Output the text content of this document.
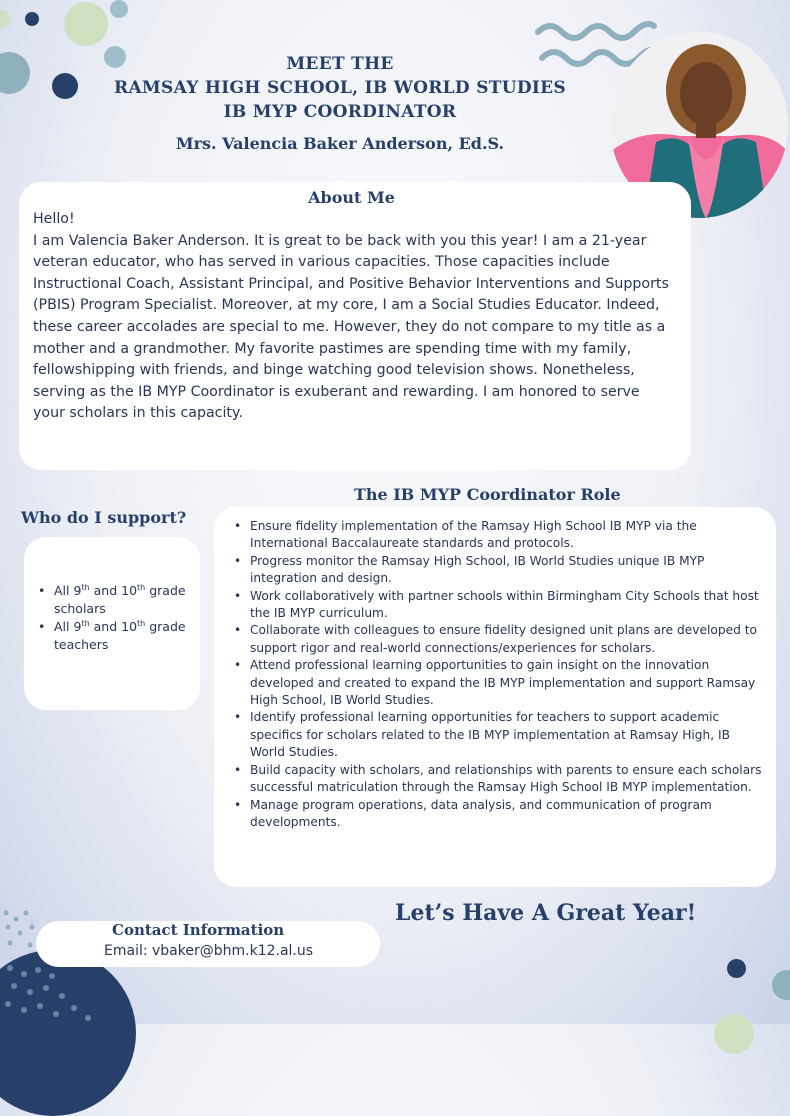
MEET THE
RAMSAY HIGH SCHOOL, IB WORLD STUDIES
IB MYP COORDINATOR
Mrs. Valencia Baker Anderson, Ed.S.
About Me
Hello!
I am Valencia Baker Anderson. It is great to be back with you this year! I am a 21-year veteran educator, who has served in various capacities. Those capacities include Instructional Coach, Assistant Principal, and Positive Behavior Interventions and Supports (PBIS) Program Specialist. Moreover, at my core, I am a Social Studies Educator. Indeed, these career accolades are special to me. However, they do not compare to my title as a mother and a grandmother. My favorite pastimes are spending time with my family, fellowshipping with friends, and binge watching good television shows. Nonetheless, serving as the IB MYP Coordinator is exuberant and rewarding. I am honored to serve your scholars in this capacity.
Who do I support?
• All 9th and 10th grade scholars
• All 9th and 10th grade teachers
The IB MYP Coordinator Role
• Ensure fidelity implementation of the Ramsay High School IB MYP via the International Baccalaureate standards and protocols.
• Progress monitor the Ramsay High School, IB World Studies unique IB MYP integration and design.
• Work collaboratively with partner schools within Birmingham City Schools that host the IB MYP curriculum.
• Collaborate with colleagues to ensure fidelity designed unit plans are developed to support rigor and real-world connections/experiences for scholars.
• Attend professional learning opportunities to gain insight on the innovation developed and created to expand the IB MYP implementation and support Ramsay High School, IB World Studies.
• Identify professional learning opportunities for teachers to support academic specifics for scholars related to the IB MYP implementation at Ramsay High, IB World Studies.
• Build capacity with scholars, and relationships with parents to ensure each scholars successful matriculation through the Ramsay High School IB MYP implementation.
• Manage program operations, data analysis, and communication of program developments.
Let’s Have A Great Year!
Contact Information
Email: vbaker@bhm.k12.al.us
